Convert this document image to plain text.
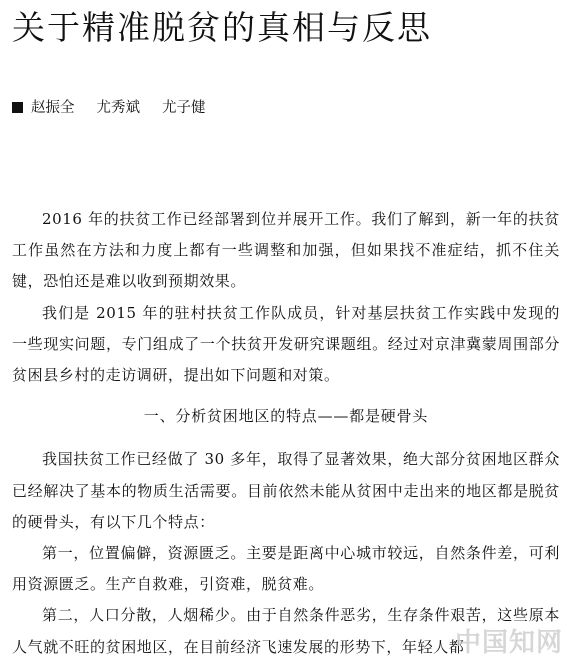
关于精准脱贫的真相与反思
赵振全 尤秀斌 尤子健

2016 年的扶贫工作已经部署到位并展开工作。我们了解到，新一年的扶贫工作虽然在方法和力度上都有一些调整和加强，但如果找不准症结，抓不住关键，恐怕还是难以收到预期效果。

我们是 2015 年的驻村扶贫工作队成员，针对基层扶贫工作实践中发现的一些现实问题，专门组成了一个扶贫开发研究课题组。经过对京津冀蒙周围部分贫困县乡村的走访调研，提出如下问题和对策。

一、分析贫困地区的特点——都是硬骨头

我国扶贫工作已经做了 30 多年，取得了显著效果，绝大部分贫困地区群众已经解决了基本的物质生活需要。目前依然未能从贫困中走出来的地区都是脱贫的硬骨头，有以下几个特点：

第一，位置偏僻，资源匮乏。主要是距离中心城市较远，自然条件差，可利用资源匮乏。生产自救难，引资难，脱贫难。

第二，人口分散，人烟稀少。由于自然条件恶劣，生存条件艰苦，这些原本人气就不旺的贫困地区，在目前经济飞速发展的形势下，年轻人都

中国知网
